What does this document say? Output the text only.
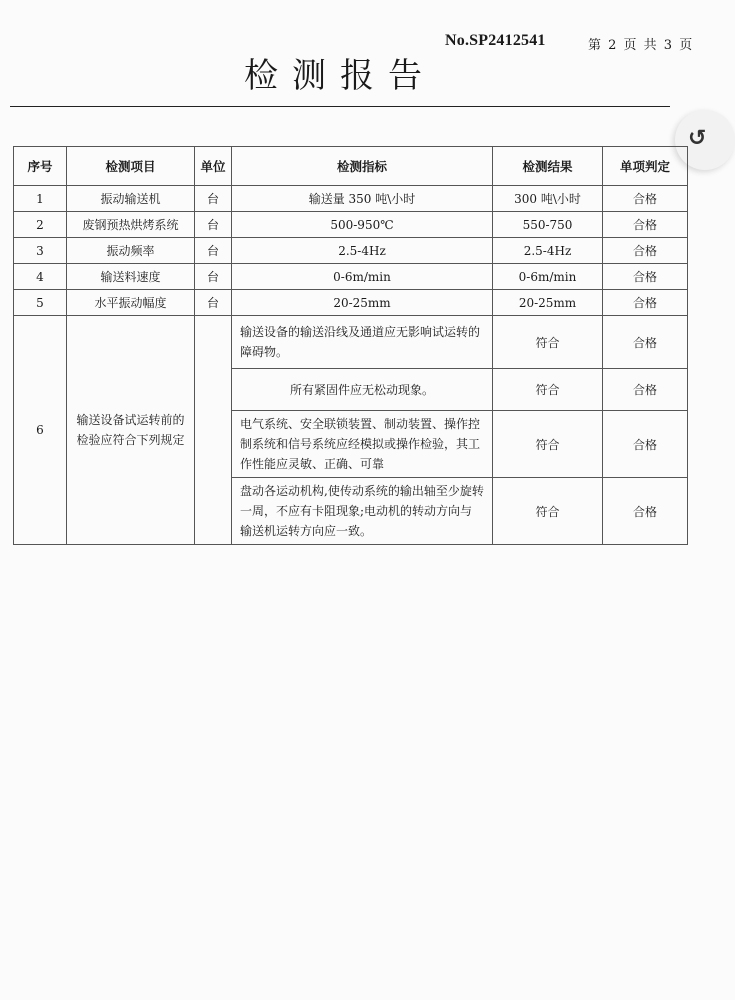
No.SP2412541	第 2 页 共 3 页
检测报告
↺
序号	检测项目	单位	检测指标	检测结果	单项判定
1	振动输送机	台	输送量 350 吨\小时	300 吨\小时	合格
2	废钢预热烘烤系统	台	500-950℃	550-750	合格
3	振动频率	台	2.5-4Hz	2.5-4Hz	合格
4	输送料速度	台	0-6m/min	0-6m/min	合格
5	水平振动幅度	台	20-25mm	20-25mm	合格
6	输送设备试运转前的检验应符合下列规定		输送设备的输送沿线及通道应无影响试运转的障碍物。	符合	合格
			所有紧固件应无松动现象。	符合	合格
			电气系统、安全联锁装置、制动装置、操作控制系统和信号系统应经模拟或操作检验，其工作性能应灵敏、正确、可靠	符合	合格
			盘动各运动机构,使传动系统的输出轴至少旋转一周，不应有卡阻现象;电动机的转动方向与输送机运转方向应一致。	符合	合格
